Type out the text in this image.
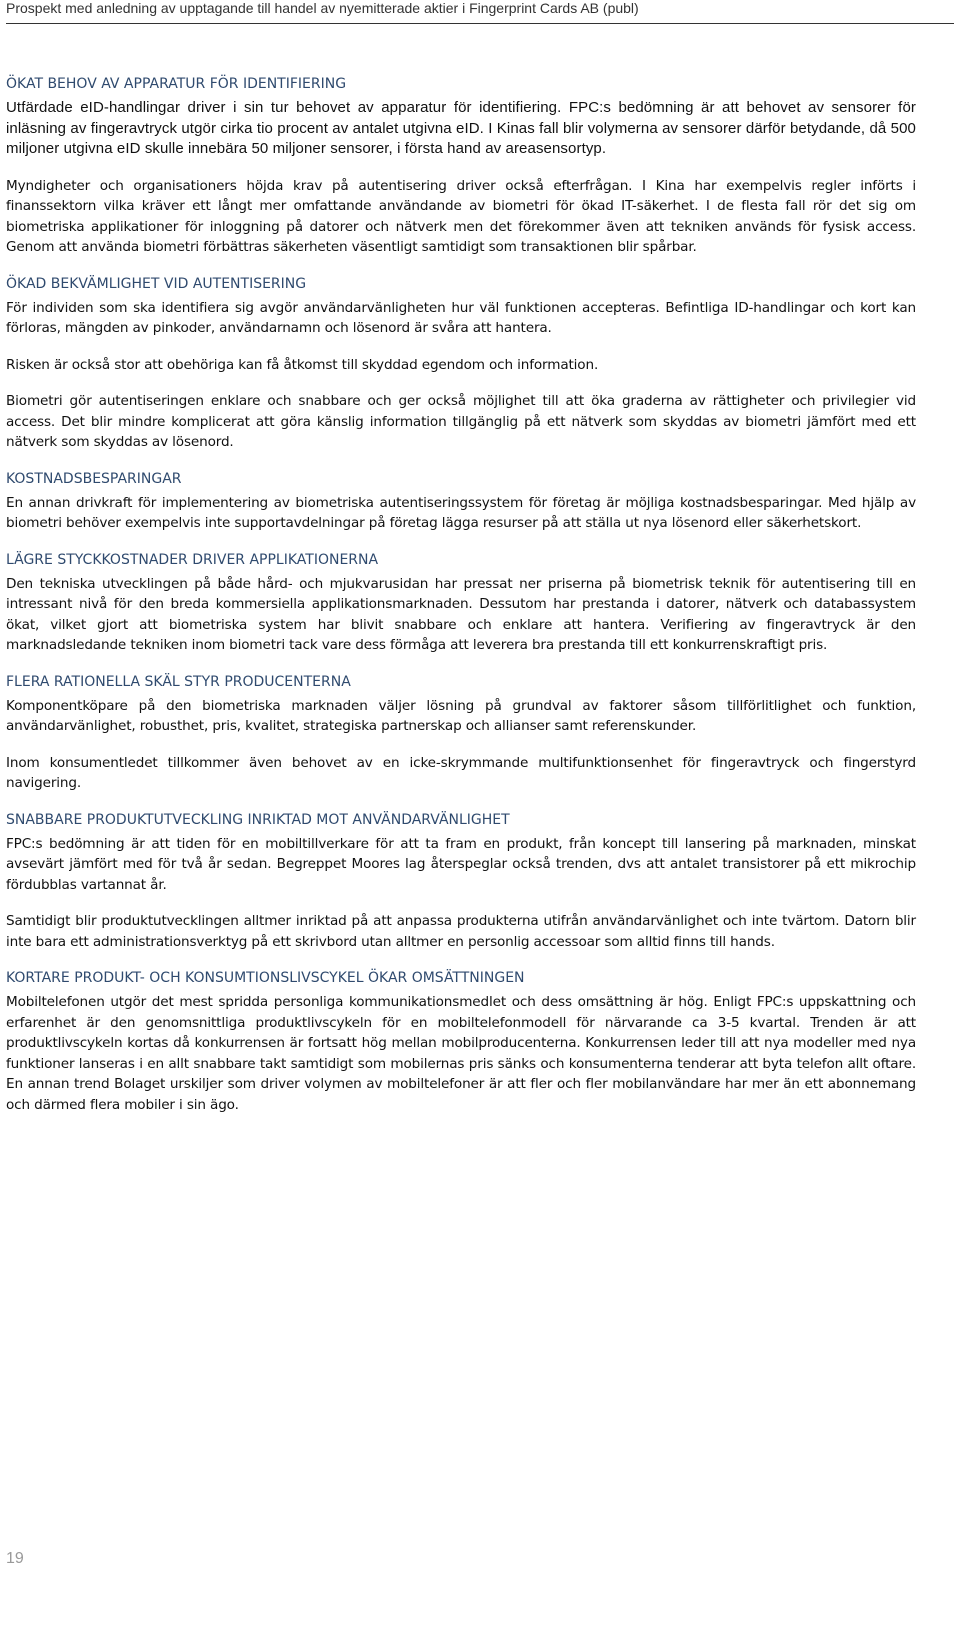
Prospekt med anledning av upptagande till handel av nyemitterade aktier i Fingerprint Cards AB (publ)
ÖKAT BEHOV AV APPARATUR FÖR IDENTIFIERING

Utfärdade eID-handlingar driver i sin tur behovet av apparatur för identifiering. FPC:s bedömning är att behovet av sensorer för inläsning av fingeravtryck utgör cirka tio procent av antalet utgivna eID. I Kinas fall blir volymerna av sensorer därför betydande, då 500 miljoner utgivna eID skulle innebära 50 miljoner sensorer, i första hand av areasensortyp.

Myndigheter och organisationers höjda krav på autentisering driver också efterfrågan. I Kina har exempelvis regler införts i finanssektorn vilka kräver ett långt mer omfattande användande av biometri för ökad IT-säkerhet. I de flesta fall rör det sig om biometriska applikationer för inloggning på datorer och nätverk men det förekommer även att tekniken används för fysisk access. Genom att använda biometri förbättras säkerheten väsentligt samtidigt som transaktionen blir spårbar.

ÖKAD BEKVÄMLIGHET VID AUTENTISERING

För individen som ska identifiera sig avgör användarvänligheten hur väl funktionen accepteras. Befintliga ID-handlingar och kort kan förloras, mängden av pinkoder, användarnamn och lösenord är svåra att hantera.

Risken är också stor att obehöriga kan få åtkomst till skyddad egendom och information.

Biometri gör autentiseringen enklare och snabbare och ger också möjlighet till att öka graderna av rättigheter och privilegier vid access. Det blir mindre komplicerat att göra känslig information tillgänglig på ett nätverk som skyddas av biometri jämfört med ett nätverk som skyddas av lösenord.

KOSTNADSBESPARINGAR

En annan drivkraft för implementering av biometriska autentiseringssystem för företag är möjliga kostnadsbesparingar. Med hjälp av biometri behöver exempelvis inte supportavdelningar på företag lägga resurser på att ställa ut nya lösenord eller säkerhetskort.

LÄGRE STYCKKOSTNADER DRIVER APPLIKATIONERNA

Den tekniska utvecklingen på både hård- och mjukvarusidan har pressat ner priserna på biometrisk teknik för autentisering till en intressant nivå för den breda kommersiella applikationsmarknaden. Dessutom har prestanda i datorer, nätverk och databassystem ökat, vilket gjort att biometriska system har blivit snabbare och enklare att hantera. Verifiering av fingeravtryck är den marknadsledande tekniken inom biometri tack vare dess förmåga att leverera bra prestanda till ett konkurrenskraftigt pris.

FLERA RATIONELLA SKÄL STYR PRODUCENTERNA

Komponentköpare på den biometriska marknaden väljer lösning på grundval av faktorer såsom tillförlitlighet och funktion, användarvänlighet, robusthet, pris, kvalitet, strategiska partnerskap och allianser samt referenskunder.

Inom konsumentledet tillkommer även behovet av en icke-skrymmande multifunktionsenhet för fingeravtryck och fingerstyrd navigering.

SNABBARE PRODUKTUTVECKLING INRIKTAD MOT ANVÄNDARVÄNLIGHET

FPC:s bedömning är att tiden för en mobiltillverkare för att ta fram en produkt, från koncept till lansering på marknaden, minskat avsevärt jämfört med för två år sedan. Begreppet Moores lag återspeglar också trenden, dvs att antalet transistorer på ett mikrochip fördubblas vartannat år.

Samtidigt blir produktutvecklingen alltmer inriktad på att anpassa produkterna utifrån användarvänlighet och inte tvärtom. Datorn blir inte bara ett administrationsverktyg på ett skrivbord utan alltmer en personlig accessoar som alltid finns till hands.

KORTARE PRODUKT- OCH KONSUMTIONSLIVSCYKEL ÖKAR OMSÄTTNINGEN

Mobiltelefonen utgör det mest spridda personliga kommunikationsmedlet och dess omsättning är hög. Enligt FPC:s uppskattning och erfarenhet är den genomsnittliga produktlivscykeln för en mobiltelefonmodell för närvarande ca 3-5 kvartal. Trenden är att produktlivscykeln kortas då konkurrensen är fortsatt hög mellan mobilproducenterna. Konkurrensen leder till att nya modeller med nya funktioner lanseras i en allt snabbare takt samtidigt som mobilernas pris sänks och konsumenterna tenderar att byta telefon allt oftare. En annan trend Bolaget urskiljer som driver volymen av mobiltelefoner är att fler och fler mobilanvändare har mer än ett abonnemang och därmed flera mobiler i sin ägo.

19
